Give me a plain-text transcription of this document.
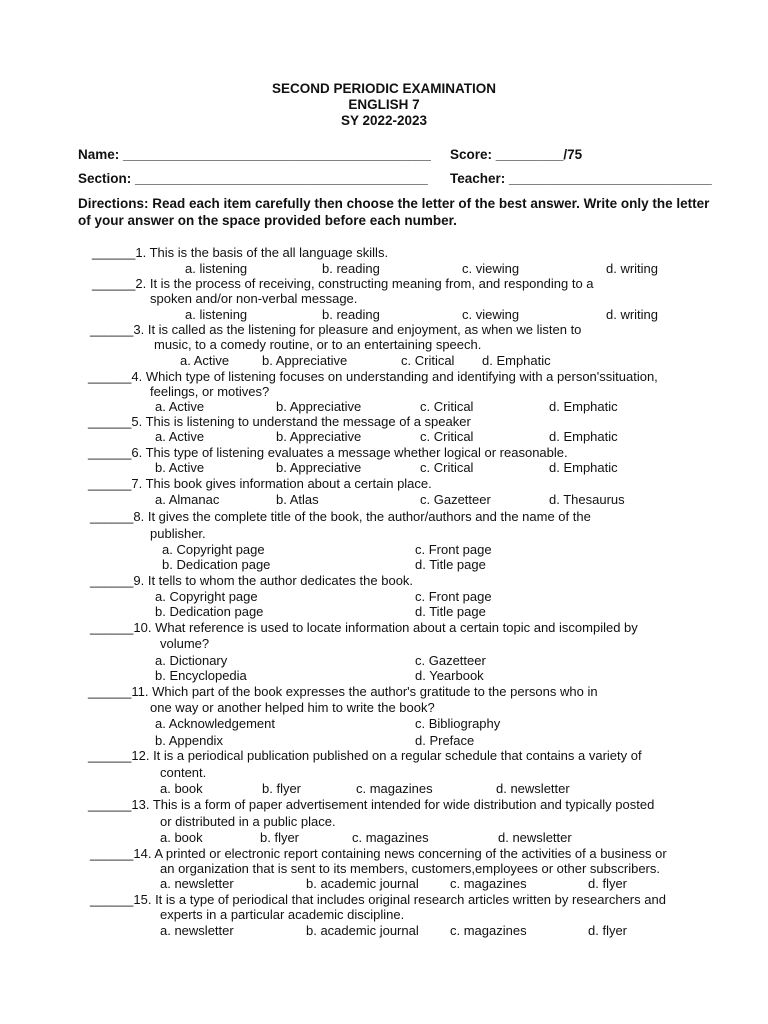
SECOND PERIODIC EXAMINATION
ENGLISH 7
SY 2022-2023
Name: _________________________________________ Score: _________/75
Section: _______________________________________ Teacher: ___________________________
Directions: Read each item carefully then choose the letter of the best answer. Write only the letter of your answer on the space provided before each number.
______1. This is the basis of the all language skills.
a. listening	b. reading	c. viewing	d. writing
______2. It is the process of receiving, constructing meaning from, and responding to a
spoken and/or non-verbal message.
a. listening	b. reading	c. viewing	d. writing
______3. It is called as the listening for pleasure and enjoyment, as when we listen to
music, to a comedy routine, or to an entertaining speech.
a. Active	b. Appreciative	c. Critical d. Emphatic
______4. Which type of listening focuses on understanding and identifying with a person'ssituation,
feelings, or motives?
a. Active	b. Appreciative	c. Critical	d. Emphatic
______5. This is listening to understand the message of a speaker
a. Active	b. Appreciative	c. Critical	d. Emphatic
______6. This type of listening evaluates a message whether logical or reasonable.
b. Active	b. Appreciative	c. Critical	d. Emphatic
______7. This book gives information about a certain place.
a. Almanac	b. Atlas	c. Gazetteer	d. Thesaurus
______8. It gives the complete title of the book, the author/authors and the name of the
publisher.
a. Copyright page	c. Front page
b. Dedication page	d. Title page
______9. It tells to whom the author dedicates the book.
a. Copyright page	c. Front page
b. Dedication page	d. Title page
______10. What reference is used to locate information about a certain topic and iscompiled by
volume?
a. Dictionary	c. Gazetteer
b. Encyclopedia	d. Yearbook
______11. Which part of the book expresses the author's gratitude to the persons who in
one way or another helped him to write the book?
a. Acknowledgement	c. Bibliography
b. Appendix	d. Preface
______12. It is a periodical publication published on a regular schedule that contains a variety of
content.
a. book	b. flyer	c. magazines	d. newsletter
______13. This is a form of paper advertisement intended for wide distribution and typically posted
or distributed in a public place.
a. book	b. flyer	c. magazines	d. newsletter
______14. A printed or electronic report containing news concerning of the activities of a business or
an organization that is sent to its members, customers,employees or other subscribers.
a. newsletter	b. academic journal c. magazines	d. flyer
______15. It is a type of periodical that includes original research articles written by researchers and
experts in a particular academic discipline.
a. newsletter	b. academic journal c. magazines	d. flyer
